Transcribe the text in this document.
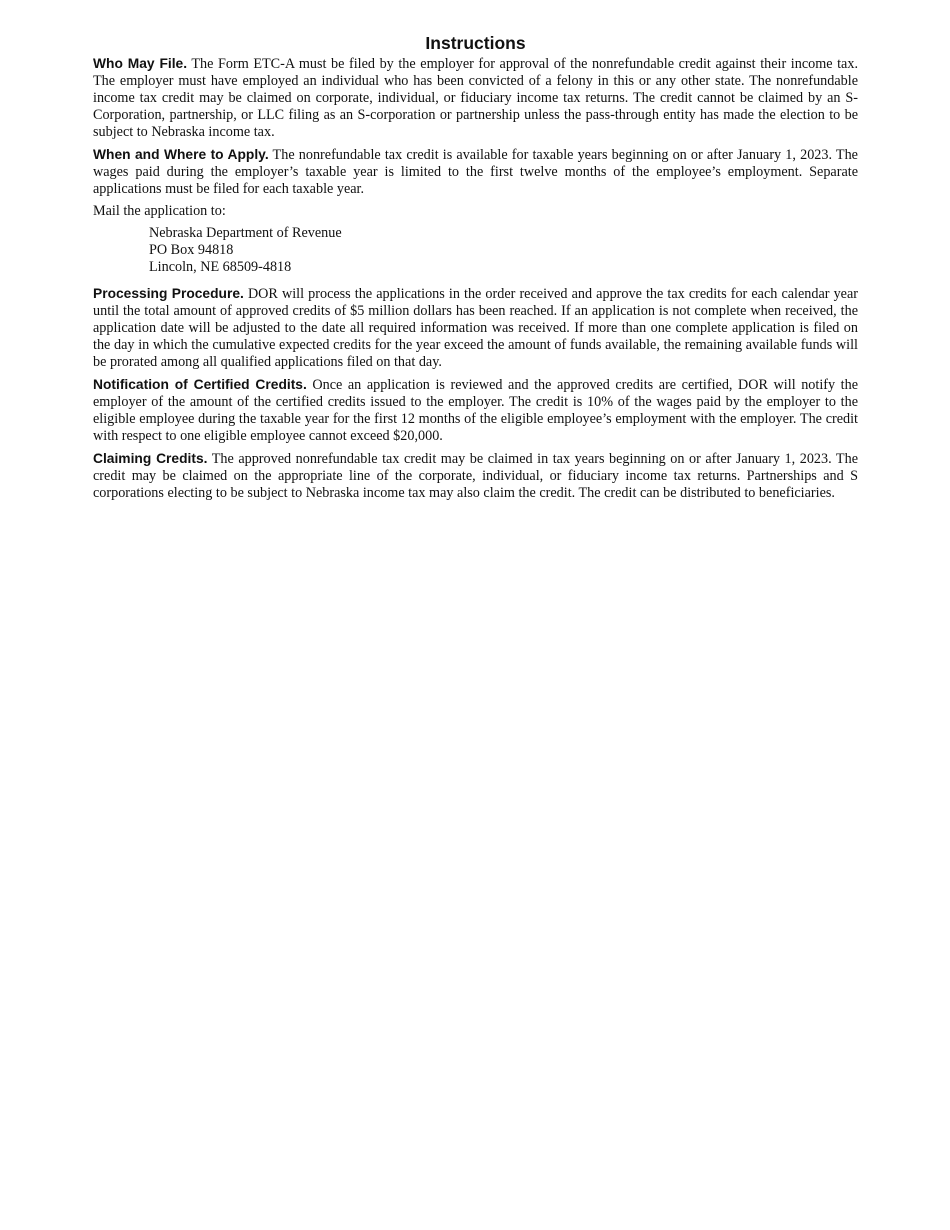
Instructions
Who May File. The Form ETC-A must be filed by the employer for approval of the nonrefundable credit against their income tax. The employer must have employed an individual who has been convicted of a felony in this or any other state. The nonrefundable income tax credit may be claimed on corporate, individual, or fiduciary income tax returns. The credit cannot be claimed by an S-Corporation, partnership, or LLC filing as an S-corporation or partnership unless the pass-through entity has made the election to be subject to Nebraska income tax.
When and Where to Apply. The nonrefundable tax credit is available for taxable years beginning on or after January 1, 2023. The wages paid during the employer’s taxable year is limited to the first twelve months of the employee’s employment. Separate applications must be filed for each taxable year.
Mail the application to:
Nebraska Department of Revenue
PO Box 94818
Lincoln, NE 68509-4818
Processing Procedure. DOR will process the applications in the order received and approve the tax credits for each calendar year until the total amount of approved credits of $5 million dollars has been reached. If an application is not complete when received, the application date will be adjusted to the date all required information was received. If more than one complete application is filed on the day in which the cumulative expected credits for the year exceed the amount of funds available, the remaining available funds will be prorated among all qualified applications filed on that day.
Notification of Certified Credits. Once an application is reviewed and the approved credits are certified, DOR will notify the employer of the amount of the certified credits issued to the employer. The credit is 10% of the wages paid by the employer to the eligible employee during the taxable year for the first 12 months of the eligible employee’s employment with the employer. The credit with respect to one eligible employee cannot exceed $20,000.
Claiming Credits. The approved nonrefundable tax credit may be claimed in tax years beginning on or after January 1, 2023. The credit may be claimed on the appropriate line of the corporate, individual, or fiduciary income tax returns. Partnerships and S corporations electing to be subject to Nebraska income tax may also claim the credit. The credit can be distributed to beneficiaries.
